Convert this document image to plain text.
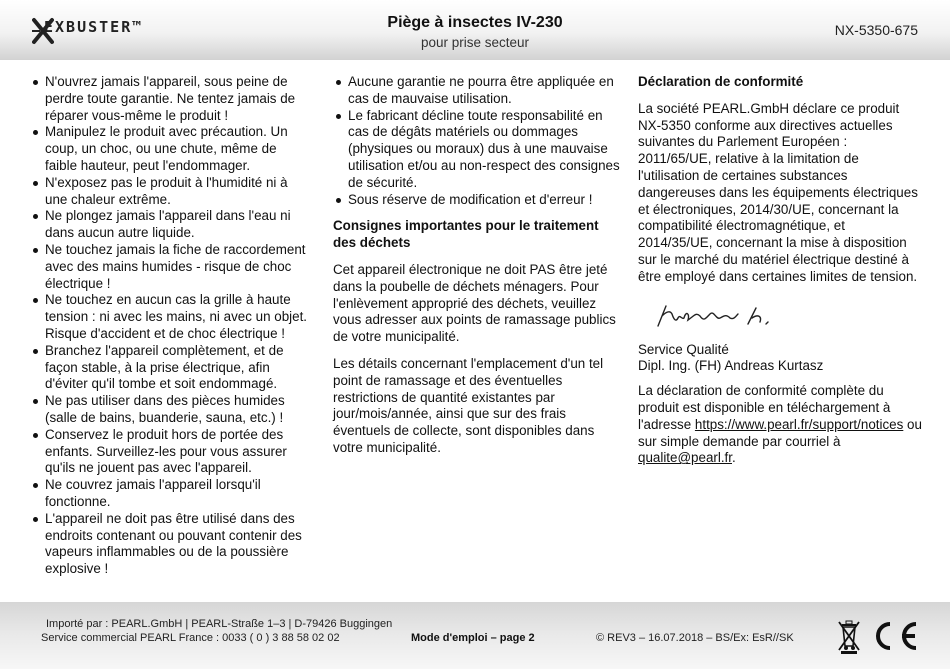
EXBUSTER™	Piège à insectes IV-230
pour prise secteur
NX-5350-675
N'ouvrez jamais l'appareil, sous peine de perdre toute garantie. Ne tentez jamais de réparer vous-même le produit !
Manipulez le produit avec précaution. Un coup, un choc, ou une chute, même de faible hauteur, peut l'endommager.
N'exposez pas le produit à l'humidité ni à une chaleur extrême.
Ne plongez jamais l'appareil dans l'eau ni dans aucun autre liquide.
Ne touchez jamais la fiche de raccordement avec des mains humides - risque de choc électrique !
Ne touchez en aucun cas la grille à haute tension : ni avec les mains, ni avec un objet. Risque d'accident et de choc électrique !
Branchez l'appareil complètement, et de façon stable, à la prise électrique, afin d'éviter qu'il tombe et soit endommagé.
Ne pas utiliser dans des pièces humides (salle de bains, buanderie, sauna, etc.) !
Conservez le produit hors de portée des enfants. Surveillez-les pour vous assurer qu'ils ne jouent pas avec l'appareil.
Ne couvrez jamais l'appareil lorsqu'il fonctionne.
L'appareil ne doit pas être utilisé dans des endroits contenant ou pouvant contenir des vapeurs inflammables ou de la poussière explosive !
Aucune garantie ne pourra être appliquée en cas de mauvaise utilisation.
Le fabricant décline toute responsabilité en cas de dégâts matériels ou dommages (physiques ou moraux) dus à une mauvaise utilisation et/ou au non-respect des consignes de sécurité.
Sous réserve de modification et d'erreur !

Consignes importantes pour le traitement des déchets

Cet appareil électronique ne doit PAS être jeté dans la poubelle de déchets ménagers. Pour l'enlèvement approprié des déchets, veuillez vous adresser aux points de ramassage publics de votre municipalité.

Les détails concernant l'emplacement d'un tel point de ramassage et des éventuelles restrictions de quantité existantes par jour/mois/année, ainsi que sur des frais éventuels de collecte, sont disponibles dans votre municipalité.

Déclaration de conformité

La société PEARL.GmbH déclare ce produit NX-5350 conforme aux directives actuelles suivantes du Parlement Européen : 2011/65/UE, relative à la limitation de l'utilisation de certaines substances dangereuses dans les équipements électriques et électroniques, 2014/30/UE, concernant la compatibilité électromagnétique, et 2014/35/UE, concernant la mise à disposition sur le marché du matériel électrique destiné à être employé dans certaines limites de tension.

Service Qualité

Dipl. Ing. (FH) Andreas Kurtasz

La déclaration de conformité complète du produit est disponible en téléchargement à l'adresse https://www.pearl.fr/support/notices ou sur simple demande par courriel à qualite@pearl.fr.

Importé par : PEARL.GmbH | PEARL-Straße 1–3 | D-79426 Buggingen
Service commercial PEARL France : 0033 ( 0 ) 3 88 58 02 02	Mode d'emploi – page 2	© REV3 – 16.07.2018 – BS/Ex: EsR//SK
